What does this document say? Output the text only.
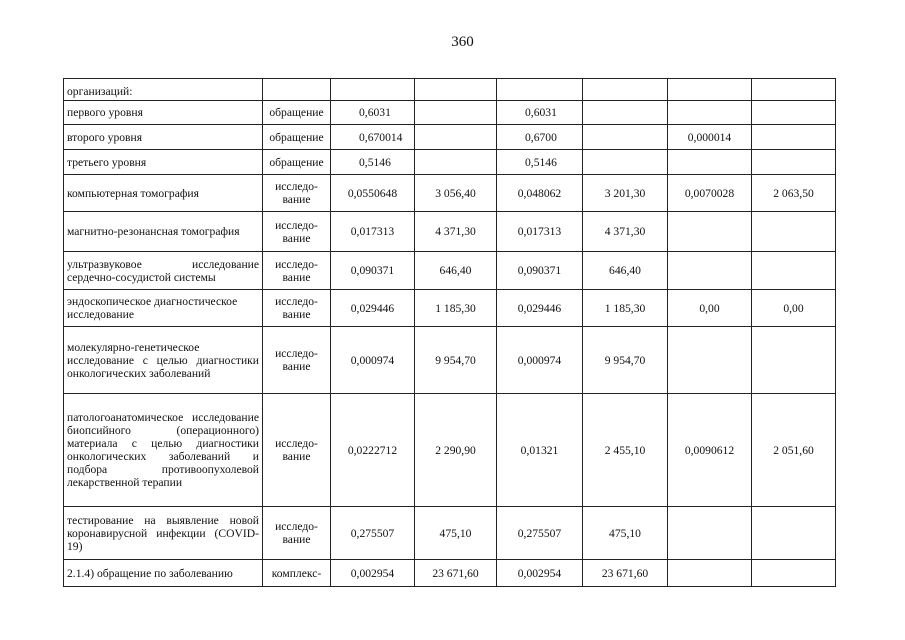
360
организаций:							
первого уровня	обращение	0,6031		0,6031			
второго уровня	обращение	0,670014		0,6700		0,000014	
третьего уровня	обращение	0,5146		0,5146			
компьютерная томография	исследо-вание	0,0550648	3 056,40	0,048062	3 201,30	0,0070028	2 063,50
магнитно-резонансная томография	исследо-вание	0,017313	4 371,30	0,017313	4 371,30		
ультразвуковое исследование сердечно-сосудистой системы	исследо-вание	0,090371	646,40	0,090371	646,40		
эндоскопическое диагностическое исследование	исследо-вание	0,029446	1 185,30	0,029446	1 185,30	0,00	0,00
молекулярно-генетическое исследование с целью диагностики онкологических заболеваний	исследо-вание	0,000974	9 954,70	0,000974	9 954,70		
патологоанатомическое исследование биопсийного (операционного) материала с целью диагностики онкологических заболеваний и подбора противоопухолевой лекарственной терапии	исследо-вание	0,0222712	2 290,90	0,01321	2 455,10	0,0090612	2 051,60
тестирование на выявление новой коронавирусной инфекции (COVID-19)	исследо-вание	0,275507	475,10	0,275507	475,10		
2.1.4) обращение по заболеванию	комплекс-	0,002954	23 671,60	0,002954	23 671,60		
